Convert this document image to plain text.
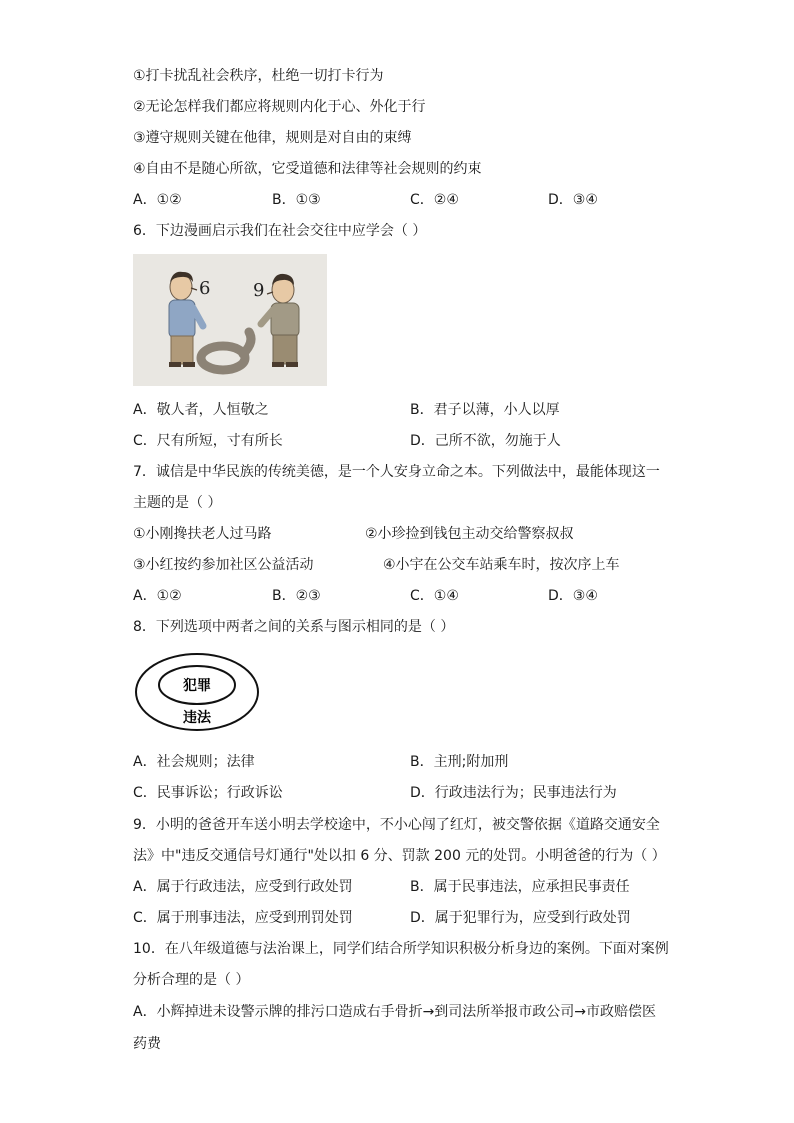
①打卡扰乱社会秩序，杜绝一切打卡行为
②无论怎样我们都应将规则内化于心、外化于行
③遵守规则关键在他律，规则是对自由的束缚
④自由不是随心所欲，它受道德和法律等社会规则的约束
A．①②	B．①③	C．②④	D．③④
6．下边漫画启示我们在社会交往中应学会（ ）
6 9
A．敬人者，人恒敬之	B．君子以薄，小人以厚
C．尺有所短，寸有所长	D．己所不欲，勿施于人
7．诚信是中华民族的传统美德，是一个人安身立命之本。下列做法中，最能体现这一
主题的是（ ）
①小刚搀扶老人过马路	②小珍捡到钱包主动交给警察叔叔
③小红按约参加社区公益活动	④小宇在公交车站乘车时，按次序上车
A．①②	B．②③	C．①④	D．③④
8．下列选项中两者之间的关系与图示相同的是（ ）
犯罪
违法
A．社会规则；法律	B．主刑;附加刑
C．民事诉讼；行政诉讼	D．行政违法行为；民事违法行为
9．小明的爸爸开车送小明去学校途中，不小心闯了红灯，被交警依据《道路交通安全
法》中"违反交通信号灯通行"处以扣 6 分、罚款 200 元的处罚。小明爸爸的行为（ ）
A．属于行政违法，应受到行政处罚	B．属于民事违法，应承担民事责任
C．属于刑事违法，应受到刑罚处罚	D．属于犯罪行为，应受到行政处罚
10．在八年级道德与法治课上，同学们结合所学知识积极分析身边的案例。下面对案例
分析合理的是（ ）
A．小辉掉进未设警示牌的排污口造成右手骨折→到司法所举报市政公司→市政赔偿医
药费
